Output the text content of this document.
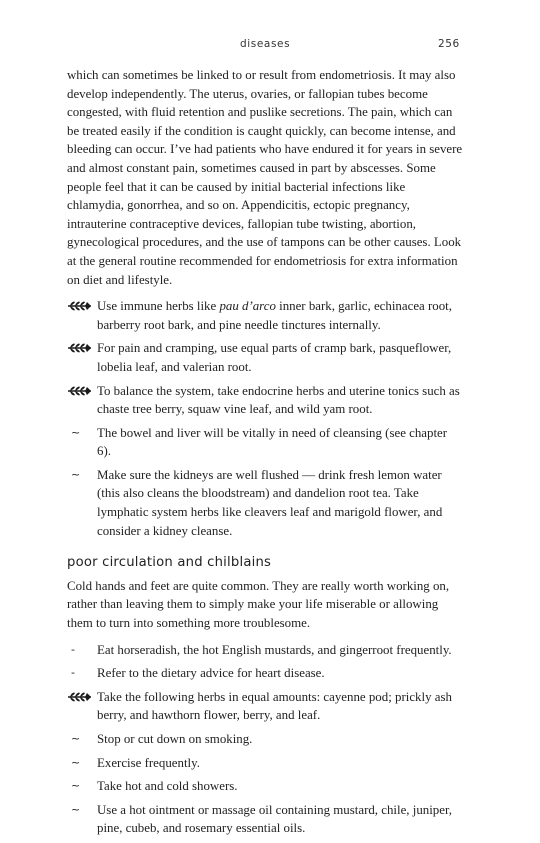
diseases	256

which can sometimes be linked to or result from endometriosis. It may also develop independently. The uterus, ovaries, or fallopian tubes become congested, with fluid retention and puslike secretions. The pain, which can be treated easily if the condition is caught quickly, can become intense, and bleeding can occur. I’ve had patients who have endured it for years in severe and almost constant pain, sometimes caused in part by abscesses. Some people feel that it can be caused by initial bacterial infections like chlamydia, gonorrhea, and so on. Appendicitis, ectopic pregnancy, intrauterine contraceptive devices, fallopian tube twisting, abortion, gynecological procedures, and the use of tampons can be other causes. Look at the general routine recommended for endometriosis for extra information on diet and lifestyle.

Use immune herbs like pau d’arco inner bark, garlic, echinacea root, barberry root bark, and pine needle tinctures internally.
For pain and cramping, use equal parts of cramp bark, pasqueflower, lobelia leaf, and valerian root.
To balance the system, take endocrine herbs and uterine tonics such as chaste tree berry, squaw vine leaf, and wild yam root.
~	The bowel and liver will be vitally in need of cleansing (see chapter 6).
~	Make sure the kidneys are well flushed — drink fresh lemon water (this also cleans the bloodstream) and dandelion root tea. Take lymphatic system herbs like cleavers leaf and marigold flower, and consider a kidney cleanse.
poor circulation and chilblains

Cold hands and feet are quite common. They are really worth working on, rather than leaving them to simply make your life miserable or allowing them to turn into something more troublesome.

-	Eat horseradish, the hot English mustards, and gingerroot frequently.
-	Refer to the dietary advice for heart disease.
Take the following herbs in equal amounts: cayenne pod; prickly ash berry, and hawthorn flower, berry, and leaf.
~	Stop or cut down on smoking.
~	Exercise frequently.
~	Take hot and cold showers.
~	Use a hot ointment or massage oil containing mustard, chile, juniper, pine, cubeb, and rosemary essential oils.
